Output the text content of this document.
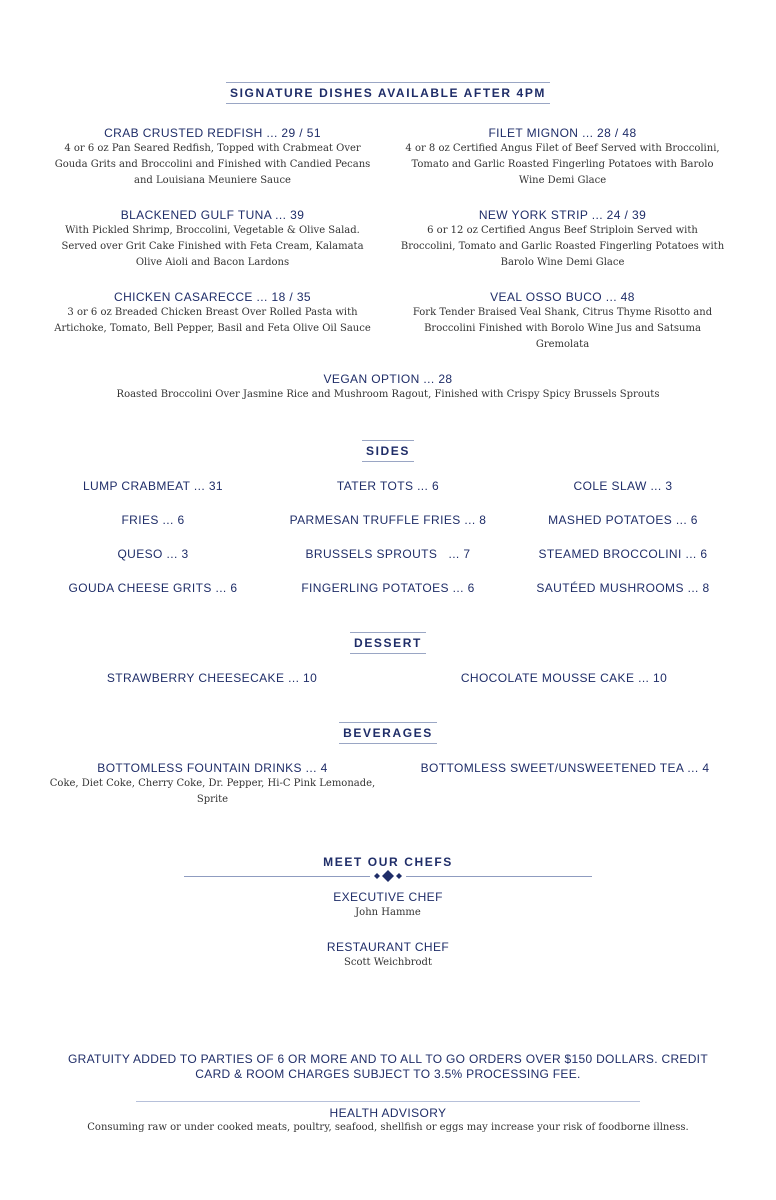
SIGNATURE DISHES AVAILABLE AFTER 4PM
CRAB CRUSTED REDFISH ... 29 / 51
4 or 6 oz Pan Seared Redfish, Topped with Crabmeat Over Gouda Grits and Broccolini and Finished with Candied Pecans and Louisiana Meuniere Sauce
FILET MIGNON ... 28 / 48
4 or 8 oz Certified Angus Filet of Beef Served with Broccolini, Tomato and Garlic Roasted Fingerling Potatoes with Barolo Wine Demi Glace
BLACKENED GULF TUNA ... 39
With Pickled Shrimp, Broccolini, Vegetable & Olive Salad. Served over Grit Cake Finished with Feta Cream, Kalamata Olive Aioli and Bacon Lardons
NEW YORK STRIP ... 24 / 39
6 or 12 oz Certified Angus Beef Striploin Served with Broccolini, Tomato and Garlic Roasted Fingerling Potatoes with Barolo Wine Demi Glace
CHICKEN CASARECCE ... 18 / 35
3 or 6 oz Breaded Chicken Breast Over Rolled Pasta with Artichoke, Tomato, Bell Pepper, Basil and Feta Olive Oil Sauce
VEAL OSSO BUCO ... 48
Fork Tender Braised Veal Shank, Citrus Thyme Risotto and Broccolini Finished with Borolo Wine Jus and Satsuma Gremolata
VEGAN OPTION ... 28
Roasted Broccolini Over Jasmine Rice and Mushroom Ragout, Finished with Crispy Spicy Brussels Sprouts
SIDES
LUMP CRABMEAT ... 31	TATER TOTS ... 6	COLE SLAW ... 3
FRIES ... 6	PARMESAN TRUFFLE FRIES ... 8	MASHED POTATOES ... 6
QUESO ... 3	BRUSSELS SPROUTS   ... 7	STEAMED BROCCOLINI ... 6
GOUDA CHEESE GRITS ... 6	FINGERLING POTATOES ... 6	SAUTÉED MUSHROOMS ... 8
DESSERT
STRAWBERRY CHEESECAKE ... 10	CHOCOLATE MOUSSE CAKE ... 10
BEVERAGES
BOTTOMLESS FOUNTAIN DRINKS ... 4
Coke, Diet Coke, Cherry Coke, Dr. Pepper, Hi-C Pink Lemonade, Sprite
BOTTOMLESS SWEET/UNSWEETENED TEA ... 4
MEET OUR CHEFS
EXECUTIVE CHEF
John Hamme
RESTAURANT CHEF
Scott Weichbrodt
GRATUITY ADDED TO PARTIES OF 6 OR MORE AND TO ALL TO GO ORDERS OVER $150 DOLLARS. CREDIT CARD & ROOM CHARGES SUBJECT TO 3.5% PROCESSING FEE.
HEALTH ADVISORY
Consuming raw or under cooked meats, poultry, seafood, shellfish or eggs may increase your risk of foodborne illness.
